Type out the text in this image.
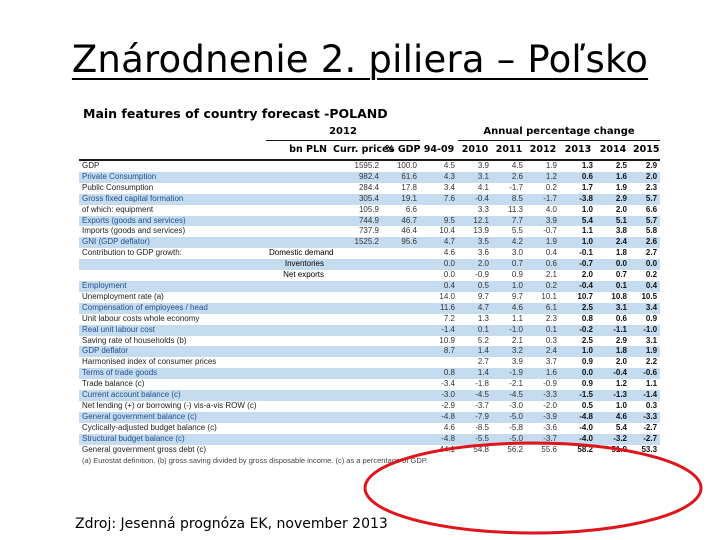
Znárodnenie 2. piliera – Poľsko
Main features of country forecast -POLAND
	2012				Annual percentage change					
	bn PLN	Curr. prices	% GDP	94-09	2010	2011	2012	2013	2014	2015
GDP		1595.2	100.0	4.5	3.9	4.5	1.9	1.3	2.5	2.9
Private Consumption		982.4	61.6	4.3	3.1	2.6	1.2	0.6	1.6	2.0
Public Consumption		284.4	17.8	3.4	4.1	-1.7	0.2	1.7	1.9	2.3
Gross fixed capital formation		305.4	19.1	7.6	-0.4	8.5	-1.7	-3.8	2.9	5.7
of which: equipment		105.9	6.6		3.3	11.3	4.0	1.0	2.0	6.6
Exports (goods and services)		744.9	46.7	9.5	12.1	7.7	3.9	5.4	5.1	5.7
Imports (goods and services)		737.9	46.4	10.4	13.9	5.5	-0.7	1.1	3.8	5.8
GNI (GDP deflator)		1525.2	95.6	4.7	3.5	4.2	1.9	1.0	2.4	2.6
Contribution to GDP growth:	Domestic demand			4.6	3.6	3.0	0.4	-0.1	1.8	2.7
	Inventories			0.0	2.0	0.7	0.6	-0.7	0.0	0.0
	Net exports			0.0	-0.9	0.9	2.1	2.0	0.7	0.2
Employment				0.4	0.5	1.0	0.2	-0.4	0.1	0.4
Unemployment rate (a)				14.0	9.7	9.7	10.1	10.7	10.8	10.5
Compensation of employees / head				11.6	4.7	4.6	6.1	2.5	3.1	3.4
Unit labour costs whole economy				7.2	1.3	1.1	2.3	0.8	0.6	0.9
Real unit labour cost				-1.4	0.1	-1.0	0.1	-0.2	-1.1	-1.0
Saving rate of households (b)				10.9	5.2	2.1	0.3	2.5	2.9	3.1
GDP deflator				8.7	1.4	3.2	2.4	1.0	1.8	1.9
Harmonised index of consumer prices					2.7	3.9	3.7	0.9	2.0	2.2
Terms of trade goods				0.8	1.4	-1.9	1.6	0.0	-0.4	-0.6
Trade balance (c)				-3.4	-1.8	-2.1	-0.9	0.9	1.2	1.1
Current account balance (c)				-3.0	-4.5	-4.5	-3.3	-1.5	-1.3	-1.4
Net lending (+) or borrowing (-) vis-a-vis ROW (c)				-2.9	-3.7	-3.0	-2.0	0.5	1.0	0.3
General government balance (c)				-4.8	-7.9	-5.0	-3.9	-4.8	4.6	-3.3
Cyclically-adjusted budget balance (c)				4.6	-8.5	-5.8	-3.6	-4.0	5.4	-2.7
Structural budget balance (c)				-4.8	-5.5	-5.0	-3.7	-4.0	-3.2	-2.7
General government gross debt (c)				44.1	54.8	56.2	55.6	58.2	51.0	53.3
(a) Eurostat definition. (b) gross saving divided by gross disposable income. (c) as a percentage of GDP.
Zdroj: Jesenná prognóza EK, november 2013
